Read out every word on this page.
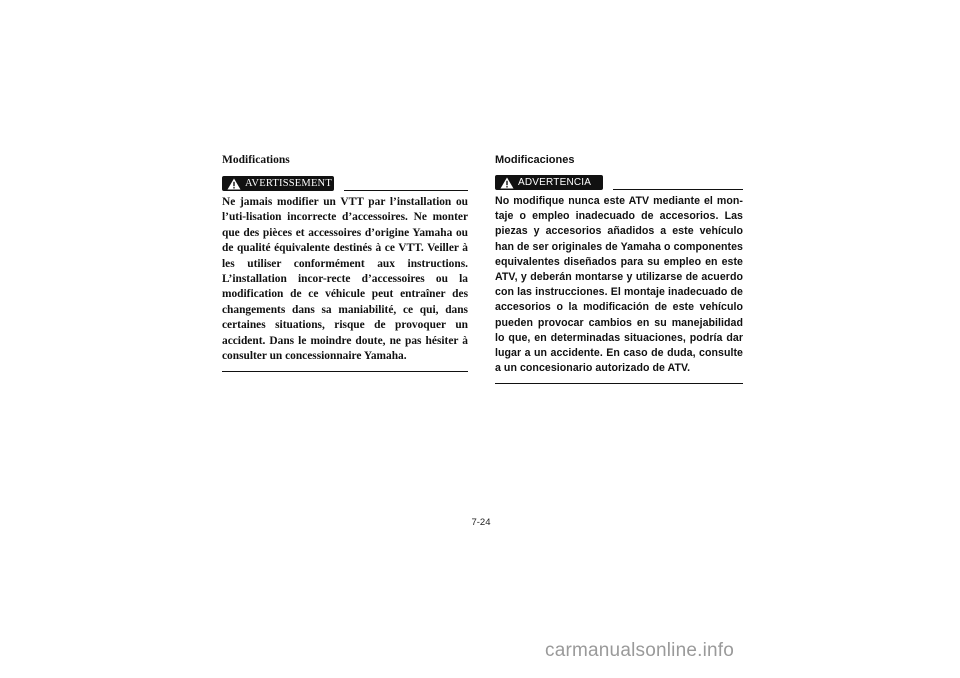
Modifications
AVERTISSEMENT

Ne jamais modifier un VTT par l’installation ou l’uti-lisation incorrecte d’accessoires. Ne monter que des pièces et accessoires d’origine Yamaha ou de qualité équivalente destinés à ce VTT. Veiller à les utiliser conformément aux instructions. L’installation incor-recte d’accessoires ou la modification de ce véhicule peut entraîner des changements dans sa maniabilité, ce qui, dans certaines situations, risque de provoquer un accident. Dans le moindre doute, ne pas hésiter à consulter un concessionnaire Yamaha.

Modificaciones
ADVERTENCIA

No modifique nunca este ATV mediante el mon-taje o empleo inadecuado de accesorios. Las piezas y accesorios añadidos a este vehículo han de ser originales de Yamaha o componentes equivalentes diseñados para su empleo en este ATV, y deberán montarse y utilizarse de acuerdo con las instrucciones. El montaje inadecuado de accesorios o la modificación de este vehículo pueden provocar cambios en su manejabilidad lo que, en determinadas situaciones, podría dar lugar a un accidente. En caso de duda, consulte a un concesionario autorizado de ATV.

7-24
carmanualsonline.info
